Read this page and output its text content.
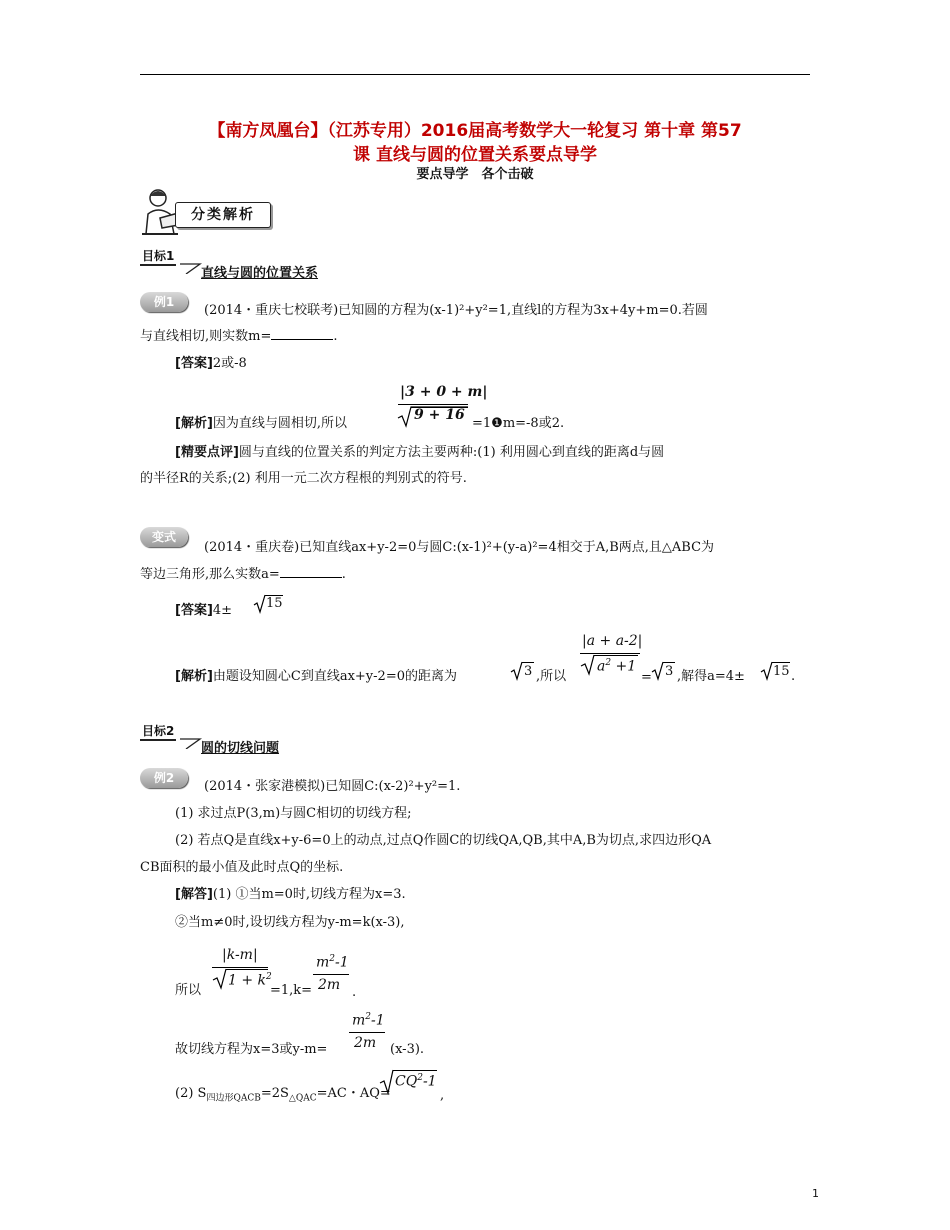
【南方凤凰台】（江苏专用）2016届高考数学大一轮复习 第十章 第57
课 直线与圆的位置关系要点导学
要点导学　各个击破
分类解析
目标1
直线与圆的位置关系
例1
(2014・重庆七校联考)已知圆的方程为(x-1)²+y²=1,直线l的方程为3x+4y+m=0.若圆
与直线相切,则实数m=	.
[答案]2或-8
|3 + 0 + m|
9 + 16
[解析]因为直线与圆相切,所以	=1❶m=-8或2.
[精要点评]圆与直线的位置关系的判定方法主要两种:(1) 利用圆心到直线的距离d与圆
的半径R的关系;(2) 利用一元二次方程根的判别式的符号.
变式
(2014・重庆卷)已知直线ax+y-2=0与圆C:(x-1)²+(y-a)²=4相交于A,B两点,且△ABC为
等边三角形,那么实数a=	.
[答案]4±	15
|a + a-2|
$a^2 +1$
[解析]由题设知圆心C到直线ax+y-2=0的距离为	3 ,所以	= 3 ,解得a=4± 15 .
目标2
圆的切线问题
例2
(2014・张家港模拟)已知圆C:(x-2)²+y²=1.
(1) 求过点P(3,m)与圆C相切的切线方程;
(2) 若点Q是直线x+y-6=0上的动点,过点Q作圆C的切线QA,QB,其中A,B为切点,求四边形QA
CB面积的最小值及此时点Q的坐标.
[解答](1) ①当m=0时,切线方程为x=3.
②当m≠0时,设切线方程为y-m=k(x-3),
|k-m|
$1 + k^2$
所以	=1,k=
$m^2-1$
2m .
$m^2-1$
2m
故切线方程为x=3或y-m=	(x-3).
(2) $S_{四边形QACB}=2S_{\triangle QAC}=AC$・AQ=
$CQ^2-1$
,
1
